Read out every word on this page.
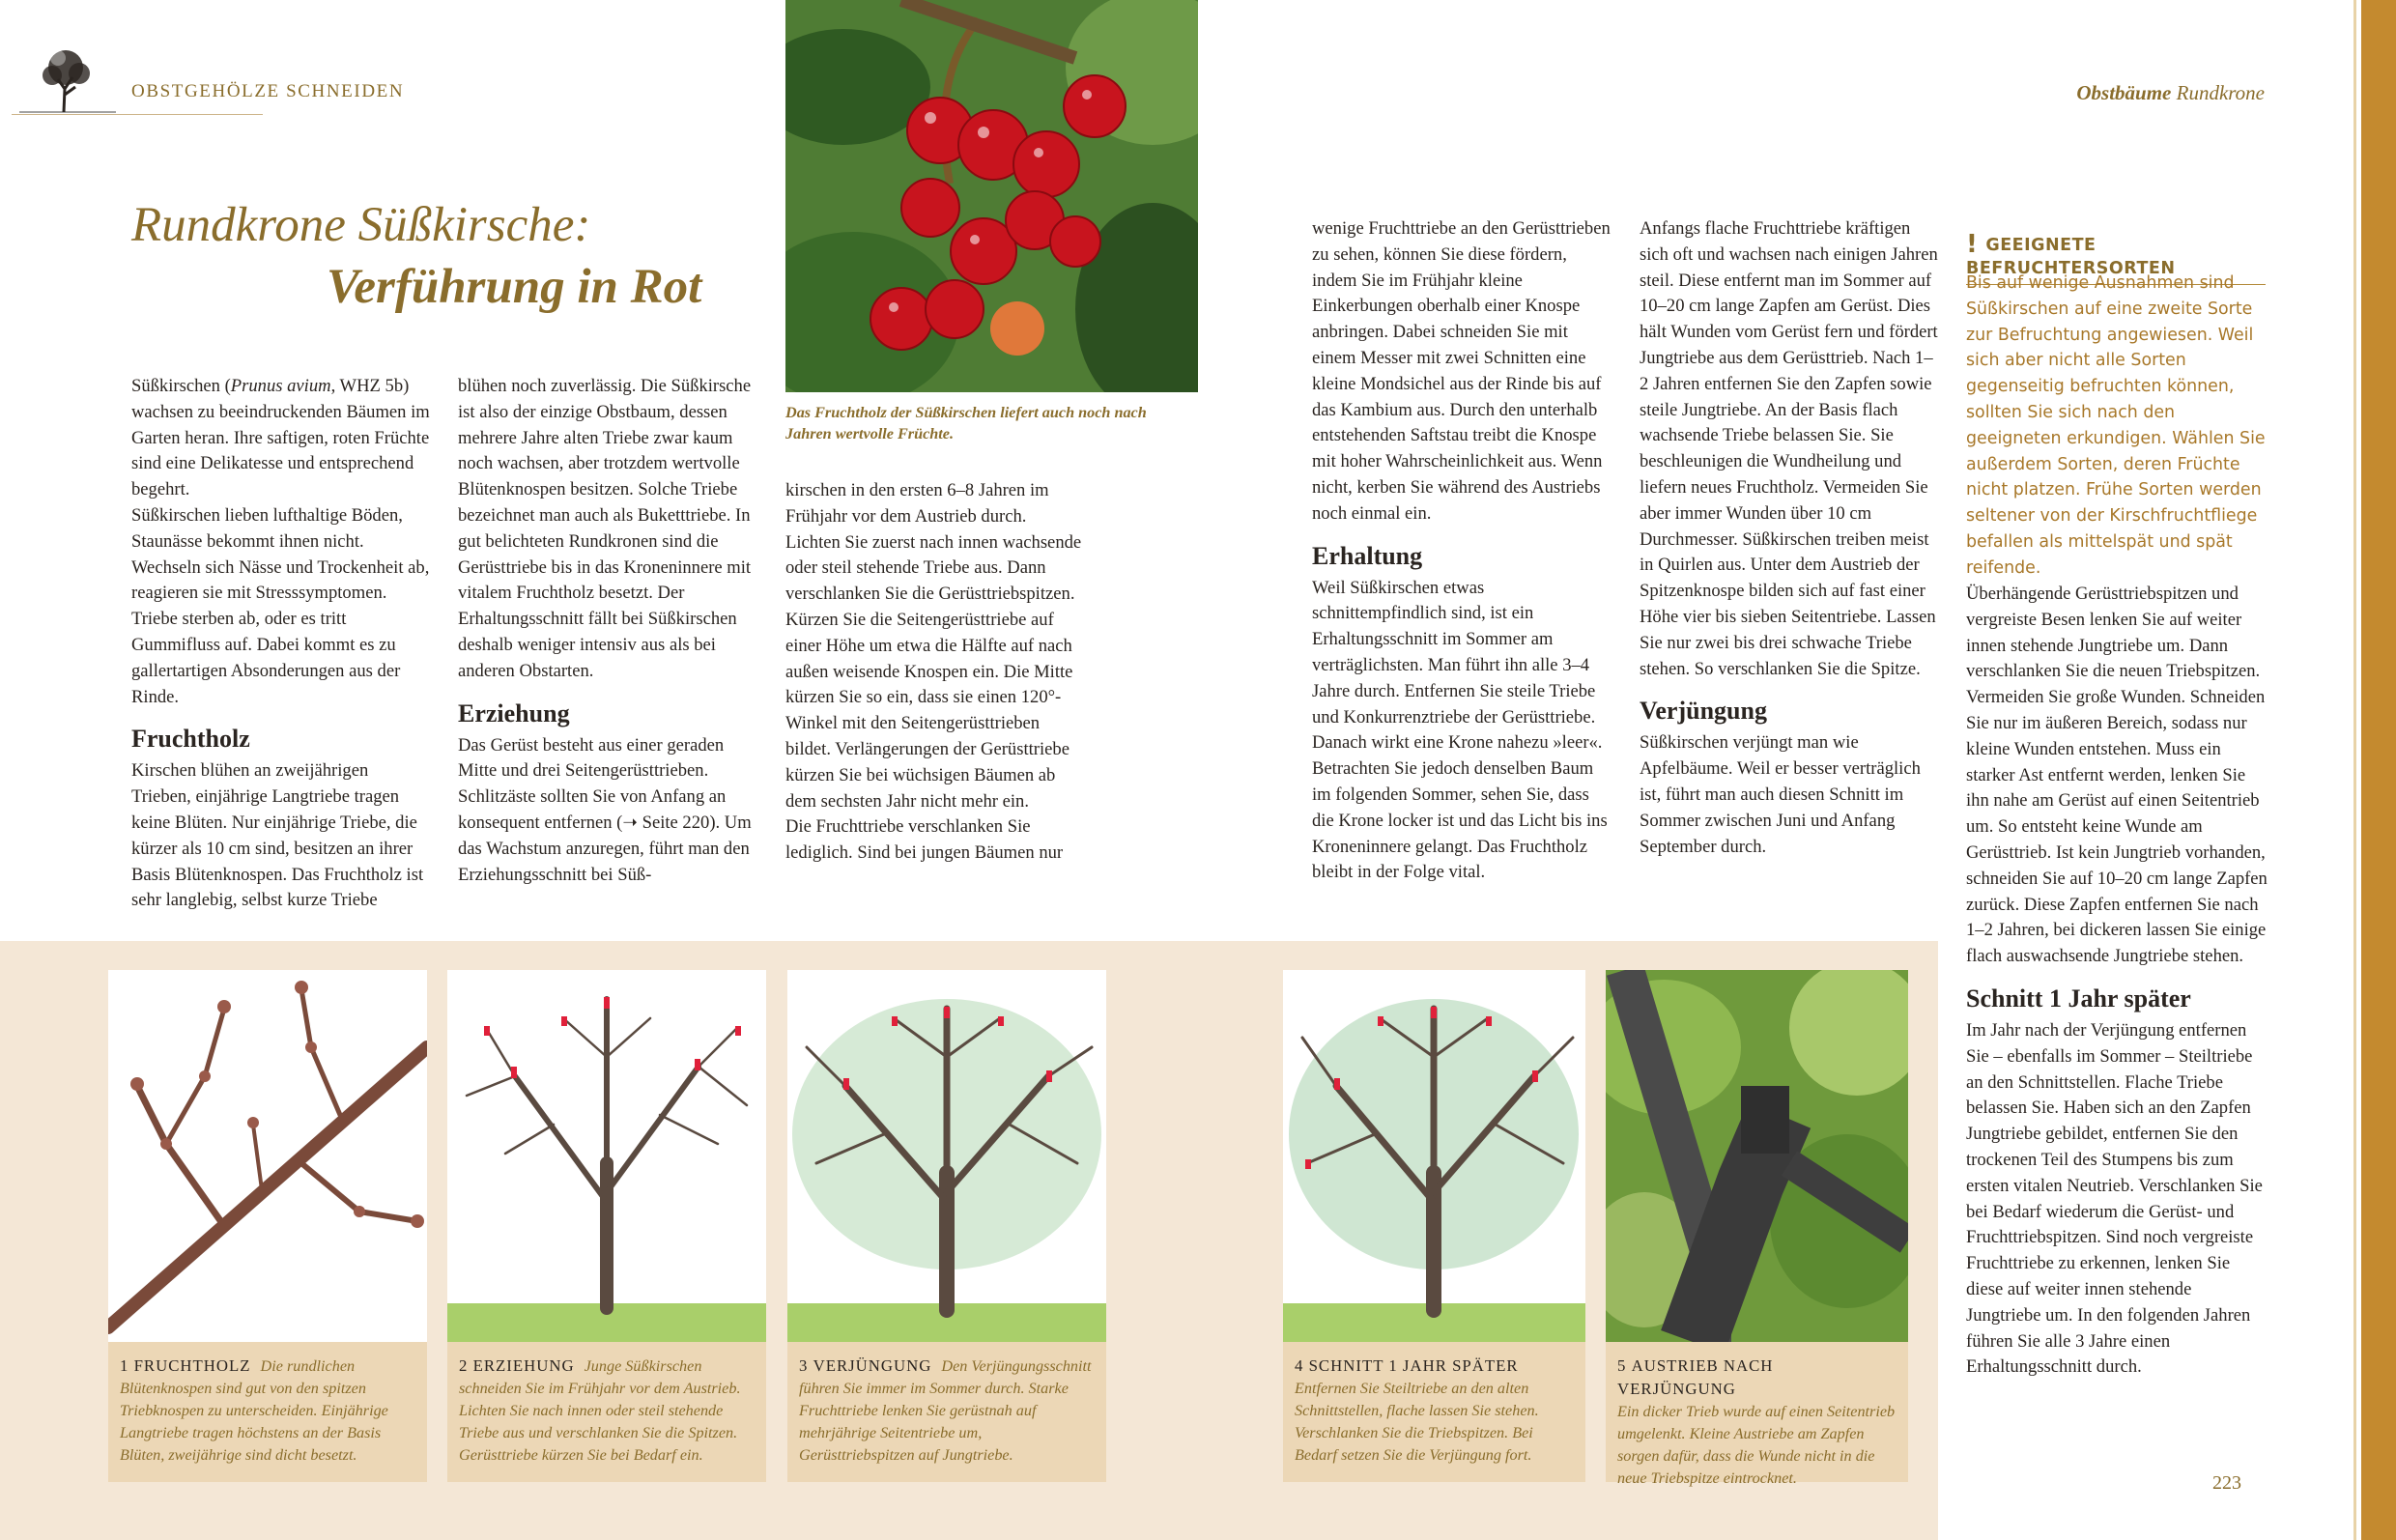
OBSTGEHÖLZE SCHNEIDEN	Obstbäume Rundkrone
Rundkrone Süßkirsche:
Verführung in Rot
Das Fruchtholz der Süßkirschen liefert auch noch nach Jahren wertvolle Früchte.

Süßkirschen (Prunus avium, WHZ 5b) wachsen zu beeindruckenden Bäumen im Garten heran. Ihre saftigen, roten Früchte sind eine Delikatesse und entsprechend begehrt.

Süßkirschen lieben lufthaltige Böden, Staunässe bekommt ihnen nicht. Wechseln sich Nässe und Trockenheit ab, reagieren sie mit Stresssymptomen. Triebe sterben ab, oder es tritt Gummifluss auf. Dabei kommt es zu gallertartigen Absonderungen aus der Rinde.

Fruchtholz

Kirschen blühen an zweijährigen Trieben, einjährige Langtriebe tragen keine Blüten. Nur einjährige Triebe, die kürzer als 10 cm sind, besitzen an ihrer Basis Blütenknospen. Das Fruchtholz ist sehr langlebig, selbst kurze Triebe

blühen noch zuverlässig. Die Süßkirsche ist also der einzige Obstbaum, dessen mehrere Jahre alten Triebe zwar kaum noch wachsen, aber trotzdem wertvolle Blütenknospen besitzen. Solche Triebe bezeichnet man auch als Buketttriebe. In gut belichteten Rundkronen sind die Gerüsttriebe bis in das Kroneninnere mit vitalem Fruchtholz besetzt. Der Erhaltungsschnitt fällt bei Süßkirschen deshalb weniger intensiv aus als bei anderen Obstarten.

Erziehung

Das Gerüst besteht aus einer geraden Mitte und drei Seitengerüsttrieben. Schlitzäste sollten Sie von Anfang an konsequent entfernen (➝ Seite 220). Um das Wachstum anzuregen, führt man den Erziehungsschnitt bei Süß-

kirschen in den ersten 6–8 Jahren im Frühjahr vor dem Austrieb durch. Lichten Sie zuerst nach innen wachsende oder steil stehende Triebe aus. Dann verschlanken Sie die Gerüsttriebspitzen. Kürzen Sie die Seitengerüsttriebe auf einer Höhe um etwa die Hälfte auf nach außen weisende Knospen ein. Die Mitte kürzen Sie so ein, dass sie einen 120°-Winkel mit den Seitengerüsttrieben bildet. Verlängerungen der Gerüsttriebe kürzen Sie bei wüchsigen Bäumen ab dem sechsten Jahr nicht mehr ein.

Die Fruchttriebe verschlanken Sie lediglich. Sind bei jungen Bäumen nur

wenige Fruchttriebe an den Gerüsttrieben zu sehen, können Sie diese fördern, indem Sie im Frühjahr kleine Einkerbungen oberhalb einer Knospe anbringen. Dabei schneiden Sie mit einem Messer mit zwei Schnitten eine kleine Mondsichel aus der Rinde bis auf das Kambium aus. Durch den unterhalb entstehenden Saftstau treibt die Knospe mit hoher Wahrscheinlichkeit aus. Wenn nicht, kerben Sie während des Austriebs noch einmal ein.

Erhaltung

Weil Süßkirschen etwas schnittempfindlich sind, ist ein Erhaltungsschnitt im Sommer am verträglichsten. Man führt ihn alle 3–4 Jahre durch. Entfernen Sie steile Triebe und Konkurrenztriebe der Gerüsttriebe. Danach wirkt eine Krone nahezu »leer«. Betrachten Sie jedoch denselben Baum im folgenden Sommer, sehen Sie, dass die Krone locker ist und das Licht bis ins Kroneninnere gelangt. Das Fruchtholz bleibt in der Folge vital.

Anfangs flache Fruchttriebe kräftigen sich oft und wachsen nach einigen Jahren steil. Diese entfernt man im Sommer auf 10–20 cm lange Zapfen am Gerüst. Dies hält Wunden vom Gerüst fern und fördert Jungtriebe aus dem Gerüsttrieb. Nach 1–2 Jahren entfernen Sie den Zapfen sowie steile Jungtriebe. An der Basis flach wachsende Triebe belassen Sie. Sie beschleunigen die Wundheilung und liefern neues Fruchtholz. Vermeiden Sie aber immer Wunden über 10 cm Durchmesser. Süßkirschen treiben meist in Quirlen aus. Unter dem Austrieb der Spitzenknospe bilden sich auf fast einer Höhe vier bis sieben Seitentriebe. Lassen Sie nur zwei bis drei schwache Triebe stehen. So verschlanken Sie die Spitze.

Verjüngung

Süßkirschen verjüngt man wie Apfelbäume. Weil er besser verträglich ist, führt man auch diesen Schnitt im Sommer zwischen Juni und Anfang September durch.

! GEEIGNETE BEFRUCHTERSORTEN
Bis auf wenige Ausnahmen sind Süßkirschen auf eine zweite Sorte zur Befruchtung angewiesen. Weil sich aber nicht alle Sorten gegenseitig befruchten können, sollten Sie sich nach den geeigneten erkundigen. Wählen Sie außerdem Sorten, deren Früchte nicht platzen. Frühe Sorten werden seltener von der Kirschfruchtfliege befallen als mittelspät und spät reifende.

Überhängende Gerüsttriebspitzen und vergreiste Besen lenken Sie auf weiter innen stehende Jungtriebe um. Dann verschlanken Sie die neuen Triebspitzen. Vermeiden Sie große Wunden. Schneiden Sie nur im äußeren Bereich, sodass nur kleine Wunden entstehen. Muss ein starker Ast entfernt werden, lenken Sie ihn nahe am Gerüst auf einen Seitentrieb um. So entsteht keine Wunde am Gerüsttrieb. Ist kein Jungtrieb vorhanden, schneiden Sie auf 10–20 cm lange Zapfen zurück. Diese Zapfen entfernen Sie nach 1–2 Jahren, bei dickeren lassen Sie einige flach auswachsende Jungtriebe stehen.

Schnitt 1 Jahr später

Im Jahr nach der Verjüngung entfernen Sie – ebenfalls im Sommer – Steiltriebe an den Schnittstellen. Flache Triebe belassen Sie. Haben sich an den Zapfen Jungtriebe gebildet, entfernen Sie den trockenen Teil des Stumpens bis zum ersten vitalen Neutrieb. Verschlanken Sie bei Bedarf wiederum die Gerüst- und Fruchttriebspitzen. Sind noch vergreiste Fruchttriebe zu erkennen, lenken Sie diese auf weiter innen stehende Jungtriebe um. In den folgenden Jahren führen Sie alle 3 Jahre einen Erhaltungsschnitt durch.

1 FRUCHTHOLZ Die rundlichen Blütenknospen sind gut von den spitzen Triebknospen zu unterscheiden. Einjährige Langtriebe tragen höchstens an der Basis Blüten, zweijährige sind dicht besetzt.
2 ERZIEHUNG Junge Süßkirschen schneiden Sie im Frühjahr vor dem Austrieb. Lichten Sie nach innen oder steil stehende Triebe aus und verschlanken Sie die Spitzen. Gerüsttriebe kürzen Sie bei Bedarf ein.
3 VERJÜNGUNG Den Verjüngungsschnitt führen Sie immer im Sommer durch. Starke Fruchttriebe lenken Sie gerüstnah auf mehrjährige Seitentriebe um, Gerüsttriebspitzen auf Jungtriebe.
4 SCHNITT 1 JAHR SPÄTER
Entfernen Sie Steiltriebe an den alten Schnittstellen, flache lassen Sie stehen. Verschlanken Sie die Triebspitzen. Bei Bedarf setzen Sie die Verjüngung fort.
5 AUSTRIEB NACH VERJÜNGUNG
Ein dicker Trieb wurde auf einen Seitentrieb umgelenkt. Kleine Austriebe am Zapfen sorgen dafür, dass die Wunde nicht in die neue Triebspitze eintrocknet.	223
